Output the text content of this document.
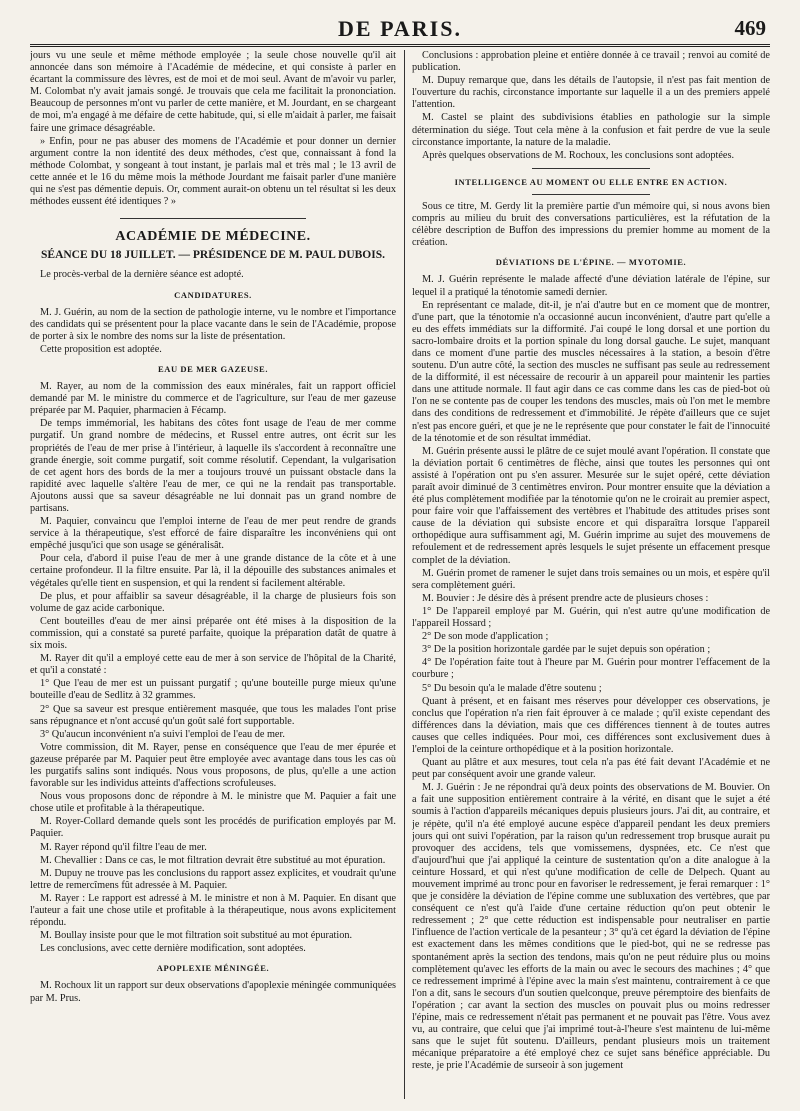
DE PARIS.	469

jours vu une seule et même méthode employée ; la seule chose nouvelle qu'il ait annoncée dans son mémoire à l'Académie de médecine, et qui consiste à parler en écartant la commissure des lèvres, est de moi et de moi seul. Avant de m'avoir vu parler, M. Colombat n'y avait jamais songé. Je trouvais que cela me facilitait la prononciation. Beaucoup de personnes m'ont vu parler de cette manière, et M. Jourdant, en se chargeant de moi, m'a engagé à me défaire de cette habitude, qui, si elle m'aidait à parler, me faisait faire une grimace désagréable.

» Enfin, pour ne pas abuser des momens de l'Académie et pour donner un dernier argument contre la non identité des deux méthodes, c'est que, connaissant à fond la méthode Colombat, y songeant à tout instant, je parlais mal et très mal ; le 13 avril de cette année et le 16 du même mois la méthode Jourdant me faisait parler d'une manière qui ne s'est pas démentie depuis. Or, comment aurait-on obtenu un tel résultat si les deux méthodes eussent été identiques ? »

ACADÉMIE DE MÉDECINE.
SÉANCE DU 18 JUILLET. — PRÉSIDENCE DE M. PAUL DUBOIS.

Le procès-verbal de la dernière séance est adopté.

CANDIDATURES.

M. J. Guérin, au nom de la section de pathologie interne, vu le nombre et l'importance des candidats qui se présentent pour la place vacante dans le sein de l'Académie, propose de porter à six le nombre des noms sur la liste de présentation.

Cette proposition est adoptée.

EAU DE MER GAZEUSE.

M. Rayer, au nom de la commission des eaux minérales, fait un rapport officiel demandé par M. le ministre du commerce et de l'agriculture, sur l'eau de mer gazeuse préparée par M. Paquier, pharmacien à Fécamp.

De temps immémorial, les habitans des côtes font usage de l'eau de mer comme purgatif. Un grand nombre de médecins, et Russel entre autres, ont écrit sur les propriétés de l'eau de mer prise à l'intérieur, à laquelle ils s'accordent à reconnaître une grande énergie, soit comme purgatif, soit comme résolutif. Cependant, la vulgarisation de cet agent hors des bords de la mer a toujours trouvé un puissant obstacle dans la rapidité avec laquelle s'altère l'eau de mer, ce qui ne la rendait pas transportable. Ajoutons aussi que sa saveur désagréable ne lui donnait pas un grand nombre de partisans.

M. Paquier, convaincu que l'emploi interne de l'eau de mer peut rendre de grands service à la thérapeutique, s'est efforcé de faire disparaître les inconvéniens qui ont empêché jusqu'ici que son usage se généralisât.

Pour cela, d'abord il puise l'eau de mer à une grande distance de la côte et à une certaine profondeur. Il la filtre ensuite. Par là, il la dépouille des substances animales et végétales qu'elle tient en suspension, et qui la rendent si facilement altérable.

De plus, et pour affaiblir sa saveur désagréable, il la charge de plusieurs fois son volume de gaz acide carbonique.

Cent bouteilles d'eau de mer ainsi préparée ont été mises à la disposition de la commission, qui a constaté sa pureté parfaite, quoique la préparation datât de quatre à six mois.

M. Rayer dit qu'il a employé cette eau de mer à son service de l'hôpital de la Charité, et qu'il a constaté :

1° Que l'eau de mer est un puissant purgatif ; qu'une bouteille purge mieux qu'une bouteille d'eau de Sedlitz à 32 grammes.

2° Que sa saveur est presque entièrement masquée, que tous les malades l'ont prise sans répugnance et n'ont accusé qu'un goût salé fort supportable.

3° Qu'aucun inconvénient n'a suivi l'emploi de l'eau de mer.

Votre commission, dit M. Rayer, pense en conséquence que l'eau de mer épurée et gazeuse préparée par M. Paquier peut être employée avec avantage dans tous les cas où les purgatifs salins sont indiqués. Nous vous proposons, de plus, qu'elle a une action favorable sur les individus atteints d'affections scrofuleuses.

Nous vous proposons donc de répondre à M. le ministre que M. Paquier a fait une chose utile et profitable à la thérapeutique.

M. Royer-Collard demande quels sont les procédés de purification employés par M. Paquier.

M. Rayer répond qu'il filtre l'eau de mer.

M. Chevallier : Dans ce cas, le mot filtration devrait être substitué au mot épuration.

M. Dupuy ne trouve pas les conclusions du rapport assez explicites, et voudrait qu'une lettre de remercîmens fût adressée à M. Paquier.

M. Rayer : Le rapport est adressé à M. le ministre et non à M. Paquier. En disant que l'auteur a fait une chose utile et profitable à la thérapeutique, nous avons explicitement répondu.

M. Boullay insiste pour que le mot filtration soit substitué au mot épuration.

Les conclusions, avec cette dernière modification, sont adoptées.

APOPLEXIE MÉNINGÉE.

M. Rochoux lit un rapport sur deux observations d'apoplexie méningée communiquées par M. Prus.

Conclusions : approbation pleine et entière donnée à ce travail ; renvoi au comité de publication.

M. Dupuy remarque que, dans les détails de l'autopsie, il n'est pas fait mention de l'ouverture du rachis, circonstance importante sur laquelle il a un des premiers appelé l'attention.

M. Castel se plaint des subdivisions établies en pathologie sur la simple détermination du siége. Tout cela mène à la confusion et fait perdre de vue la seule circonstance importante, la nature de la maladie.

Après quelques observations de M. Rochoux, les conclusions sont adoptées.

INTELLIGENCE AU MOMENT OU ELLE ENTRE EN ACTION.

Sous ce titre, M. Gerdy lit la première partie d'un mémoire qui, si nous avons bien compris au milieu du bruit des conversations particulières, est la réfutation de la célèbre description de Buffon des impressions du premier homme au moment de la création.

DÉVIATIONS DE L'ÉPINE. — MYOTOMIE.

M. J. Guérin représente le malade affecté d'une déviation latérale de l'épine, sur lequel il a pratiqué la ténotomie samedi dernier.

En représentant ce malade, dit-il, je n'ai d'autre but en ce moment que de montrer, d'une part, que la ténotomie n'a occasionné aucun inconvénient, d'autre part qu'elle a eu des effets immédiats sur la difformité. J'ai coupé le long dorsal et une portion du sacro-lombaire droits et la portion spinale du long dorsal gauche. Le sujet, manquant dans ce moment d'une partie des muscles nécessaires à la station, a besoin d'être soutenu. D'un autre côté, la section des muscles ne suffisant pas seule au redressement de la difformité, il est nécessaire de recourir à un appareil pour maintenir les parties dans une attitude normale. Il faut agir dans ce cas comme dans les cas de pied-bot où l'on ne se contente pas de couper les tendons des muscles, mais où l'on met le membre dans des conditions de redressement et d'immobilité. Je répète d'ailleurs que ce sujet n'est pas encore guéri, et que je ne le représente que pour constater le fait de l'innocuité de la ténotomie et de son résultat immédiat.

M. Guérin présente aussi le plâtre de ce sujet moulé avant l'opération. Il constate que la déviation portait 6 centimètres de flèche, ainsi que toutes les personnes qui ont assisté à l'opération ont pu s'en assurer. Mesurée sur le sujet opéré, cette déviation paraît avoir diminué de 3 centimètres environ. Pour montrer ensuite que la déviation a été plus complètement modifiée par la ténotomie qu'on ne le croirait au premier aspect, pour faire voir que l'affaissement des vertèbres et l'habitude des attitudes prises sont cause de la déviation qui subsiste encore et qui disparaîtra lorsque l'appareil orthopédique aura suffisamment agi, M. Guérin imprime au sujet des mouvemens de refoulement et de redressement après lesquels le sujet présente un effacement presque complet de la déviation.

M. Guérin promet de ramener le sujet dans trois semaines ou un mois, et espère qu'il sera complètement guéri.

M. Bouvier : Je désire dès à présent prendre acte de plusieurs choses :

1° De l'appareil employé par M. Guérin, qui n'est autre qu'une modification de l'appareil Hossard ;

2° De son mode d'application ;

3° De la position horizontale gardée par le sujet depuis son opération ;

4° De l'opération faite tout à l'heure par M. Guérin pour montrer l'effacement de la courbure ;

5° Du besoin qu'a le malade d'être soutenu ;

Quant à présent, et en faisant mes réserves pour développer ces observations, je conclus que l'opération n'a rien fait éprouver à ce malade ; qu'il existe cependant des différences dans la déviation, mais que ces différences tiennent à de toutes autres causes que celles indiquées. Pour moi, ces différences sont exclusivement dues à l'emploi de la ceinture orthopédique et à la position horizontale.

Quant au plâtre et aux mesures, tout cela n'a pas été fait devant l'Académie et ne peut par conséquent avoir une grande valeur.

M. J. Guérin : Je ne répondrai qu'à deux points des observations de M. Bouvier. On a fait une supposition entièrement contraire à la vérité, en disant que le sujet a été soumis à l'action d'appareils mécaniques depuis plusieurs jours. J'ai dit, au contraire, et je répète, qu'il n'a été employé aucune espèce d'appareil pendant les deux premiers jours qui ont suivi l'opération, par la raison qu'un redressement trop brusque aurait pu provoquer des accidens, tels que vomissemens, dyspnées, etc. Ce n'est que d'aujourd'hui que j'ai appliqué la ceinture de sustentation qu'on a dite analogue à la ceinture Hossard, et qui n'est qu'une modification de celle de Delpech. Quant au mouvement imprimé au tronc pour en favoriser le redressement, je ferai remarquer : 1° que je considère la déviation de l'épine comme une subluxation des vertèbres, que par conséquent ce n'est qu'à l'aide d'une certaine réduction qu'on peut obtenir le redressement ; 2° que cette réduction est indispensable pour neutraliser en partie l'influence de l'action verticale de la pesanteur ; 3° qu'à cet égard la déviation de l'épine est exactement dans les mêmes conditions que le pied-bot, qui ne se redresse pas spontanément après la section des tendons, mais qu'on ne peut réduire plus ou moins complètement qu'avec les efforts de la main ou avec le secours des machines ; 4° que ce redressement imprimé à l'épine avec la main s'est maintenu, contrairement à ce que l'on a dit, sans le secours d'un soutien quelconque, preuve péremptoire des bienfaits de l'opération ; car avant la section des muscles on pouvait plus ou moins redresser l'épine, mais ce redressement n'était pas permanent et ne pouvait pas l'être. Vous avez vu, au contraire, que celui que j'ai imprimé tout-à-l'heure s'est maintenu de lui-même sans que le sujet fût soutenu. D'ailleurs, pendant plusieurs mois un traitement mécanique préparatoire a été employé chez ce sujet sans bénéfice appréciable. Du reste, je prie l'Académie de surseoir à son jugement
